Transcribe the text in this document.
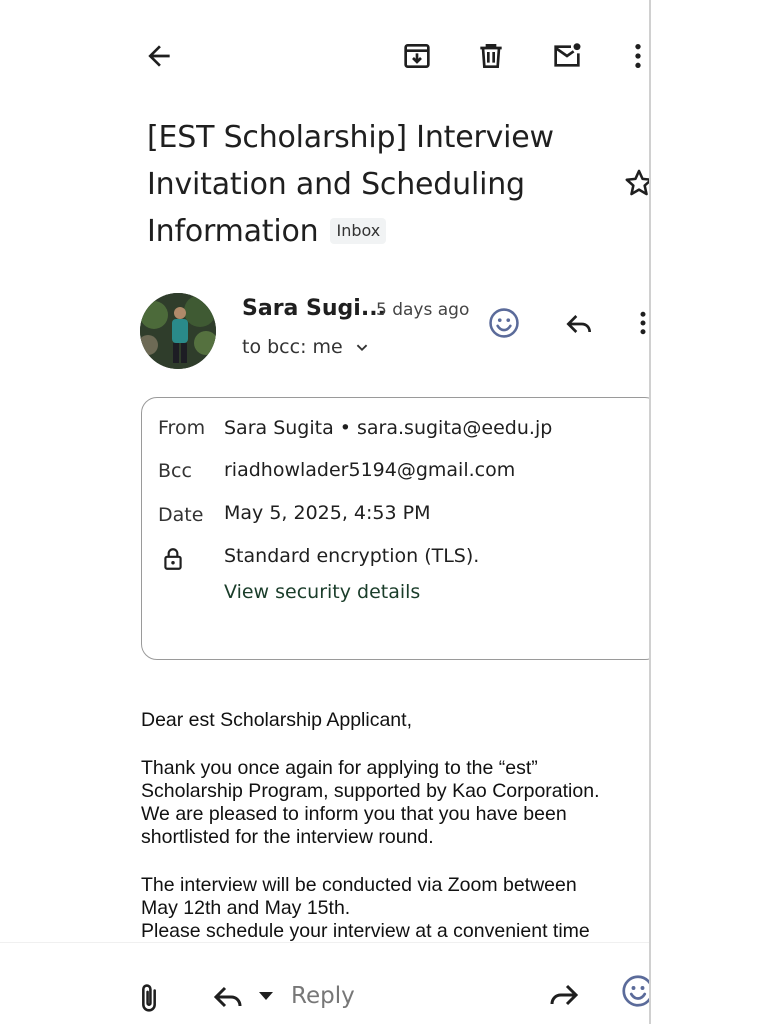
[EST Scholarship] Interview
Invitation and Scheduling
Information Inbox
Sara Sugi...
5 days ago
to bcc: me
From Sara Sugita • sara.sugita@eedu.jp
Bcc riadhowlader5194@gmail.com
Date May 5, 2025, 4:53 PM
Standard encryption (TLS).
View security details
Dear est Scholarship Applicant,
Thank you once again for applying to the “est”
Scholarship Program, supported by Kao Corporation.
We are pleased to inform you that you have been
shortlisted for the interview round.
The interview will be conducted via Zoom between
May 12th and May 15th.
Please schedule your interview at a convenient time
Reply
